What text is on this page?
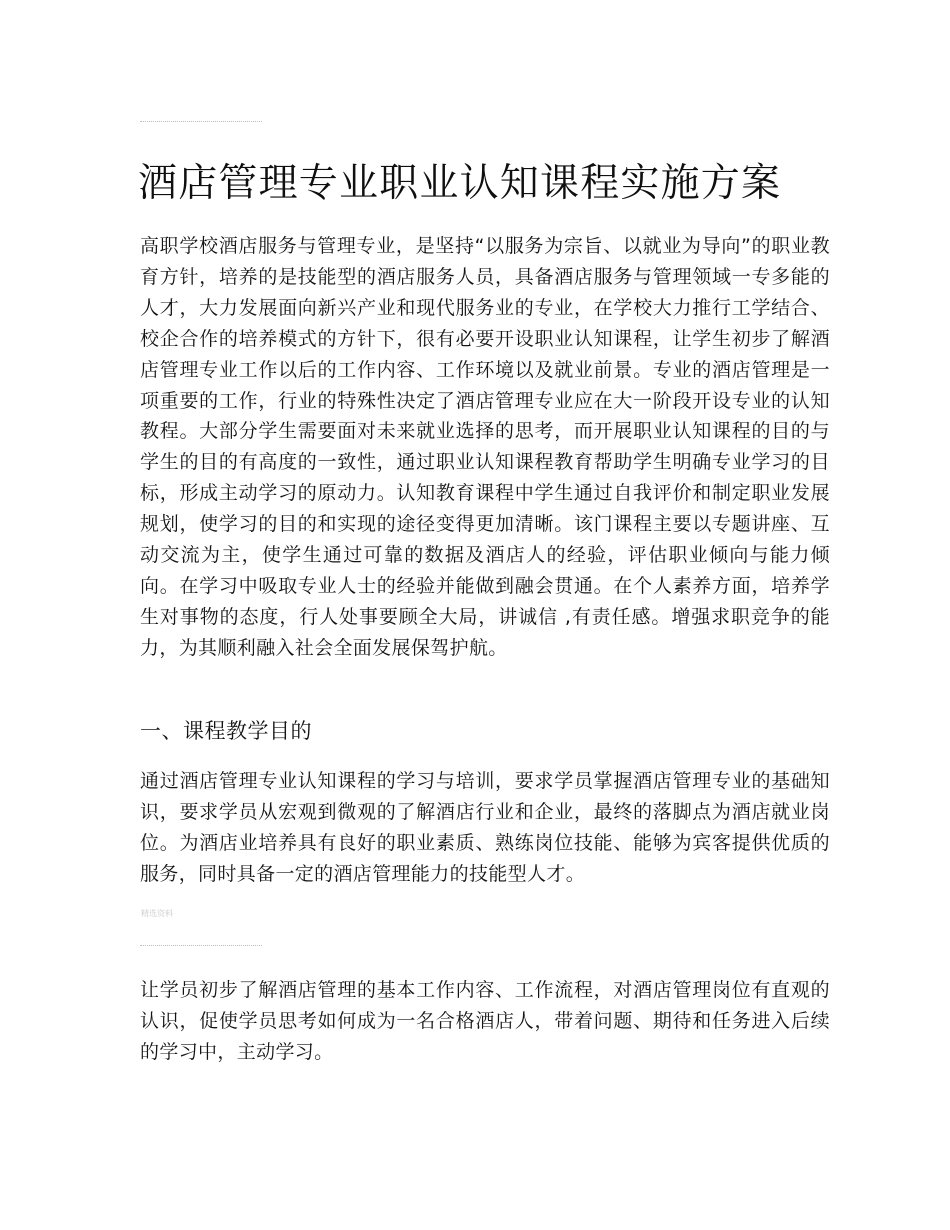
酒店管理专业职业认知课程实施方案

高职学校酒店服务与管理专业，是坚持“以服务为宗旨、以就业为导向”的职业教育方针，培养的是技能型的酒店服务人员，具备酒店服务与管理领域一专多能的人才，大力发展面向新兴产业和现代服务业的专业，在学校大力推行工学结合、校企合作的培养模式的方针下，很有必要开设职业认知课程，让学生初步了解酒店管理专业工作以后的工作内容、工作环境以及就业前景。专业的酒店管理是一项重要的工作，行业的特殊性决定了酒店管理专业应在大一阶段开设专业的认知教程。大部分学生需要面对未来就业选择的思考，而开展职业认知课程的目的与学生的目的有高度的一致性，通过职业认知课程教育帮助学生明确专业学习的目标，形成主动学习的原动力。认知教育课程中学生通过自我评价和制定职业发展规划，使学习的目的和实现的途径变得更加清晰。该门课程主要以专题讲座、互动交流为主，使学生通过可靠的数据及酒店人的经验，评估职业倾向与能力倾向。在学习中吸取专业人士的经验并能做到融会贯通。在个人素养方面，培养学生对事物的态度，行人处事要顾全大局，讲诚信 ,有责任感。增强求职竞争的能力，为其顺利融入社会全面发展保驾护航。

一、课程教学目的

通过酒店管理专业认知课程的学习与培训，要求学员掌握酒店管理专业的基础知识，要求学员从宏观到微观的了解酒店行业和企业，最终的落脚点为酒店就业岗位。为酒店业培养具有良好的职业素质、熟练岗位技能、能够为宾客提供优质的服务，同时具备一定的酒店管理能力的技能型人才。

精选资料

让学员初步了解酒店管理的基本工作内容、工作流程，对酒店管理岗位有直观的认识，促使学员思考如何成为一名合格酒店人，带着问题、期待和任务进入后续的学习中，主动学习。
